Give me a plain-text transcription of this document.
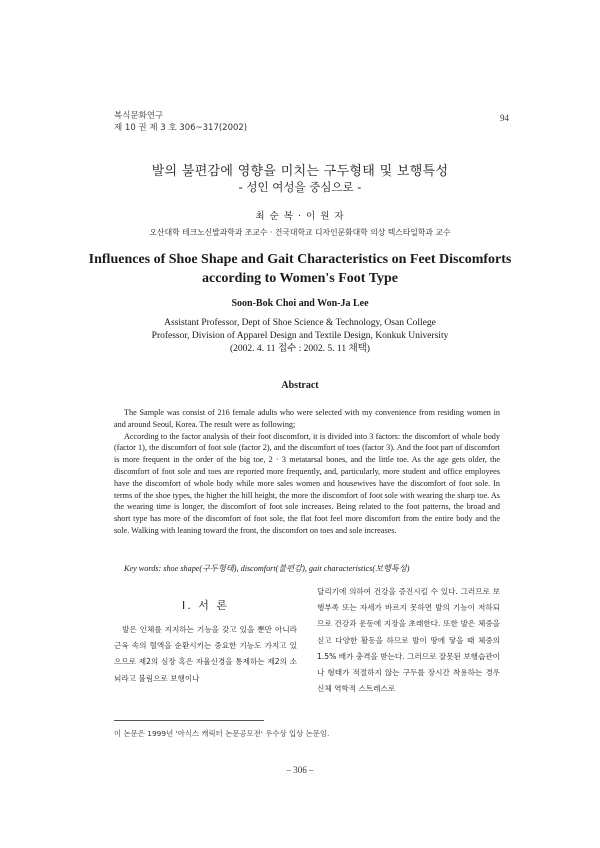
복식문화연구
제 10 권 제 3 호 306~317(2002)
94
발의 불편감에 영향을 미치는 구두형태 및 보행특성
- 성인 여성을 중심으로 -
최 순 복 · 이 원 자
오산대학 테크노신발과학과 조교수 · 건국대학교 디자인문화대학 의상 텍스타일학과 교수
Influences of Shoe Shape and Gait Characteristics on Feet Discomforts
according to Women's Foot Type
Soon-Bok Choi and Won-Ja Lee
Assistant Professor, Dept of Shoe Science & Technology, Osan College
Professor, Division of Apparel Design and Textile Design, Konkuk University
(2002. 4. 11 접수 : 2002. 5. 11 채택)
Abstract

The Sample was consist of 216 female adults who were selected with my convenience from residing women in and around Seoul, Korea. The result were as following;

According to the factor analysis of their foot discomfort, it is divided into 3 factors: the discomfort of whole body (factor 1), the discomfort of foot sole (factor 2), and the discomfort of toes (factor 3). And the foot part of discomfort is more frequent in the order of the big toe, 2 · 3 metatarsal bones, and the little toe. As the age gets older, the discomfort of foot sole and toes are reported more frequently, and, particularly, more student and office employees have the discomfort of whole body while more sales women and housewives have the discomfort of foot sole. In terms of the shoe types, the higher the hill height, the more the discomfort of foot sole with wearing the sharp toe. As the wearing time is longer, the discomfort of foot sole increases. Being related to the foot patterns, the broad and short type has more of the discomfort of foot sole, the flat foot feel more discomfort from the entire body and the sole. Walking with leaning toward the front, the discomfort on toes and sole increases.

Key words: shoe shape(구두형태), discomfort(불편감), gait characteristics(보행특성)
Ⅰ. 서 론

발은 인체를 지지하는 기능을 갖고 있을 뿐만 아니라 근육 속의 혈액을 순환시키는 중요한 기능도 가지고 있으므로 제2의 심장 혹은 자율신경을 통제하는 제2의 소뇌라고 불림으로 보행이나

달리기에 의하여 건강을 증진시킬 수 있다. 그러므로 보행부족 또는 자세가 바르지 못하면 발의 기능이 저하되므로 건강과 운동에 지장을 초래한다. 또한 발은 체중을 싣고 다양한 활동을 하므로 발이 땅에 닿을 때 체중의 1.5% 배가 충격을 받는다. 그러므로 잘못된 보행습관이나 형태가 적절하지 않는 구두를 장시간 착용하는 경우 신체 역학적 스트레스로

이 논문은 1999년 '아식스 캐릭터 논문공모전' 우수상 입상 논문임.
– 306 –
